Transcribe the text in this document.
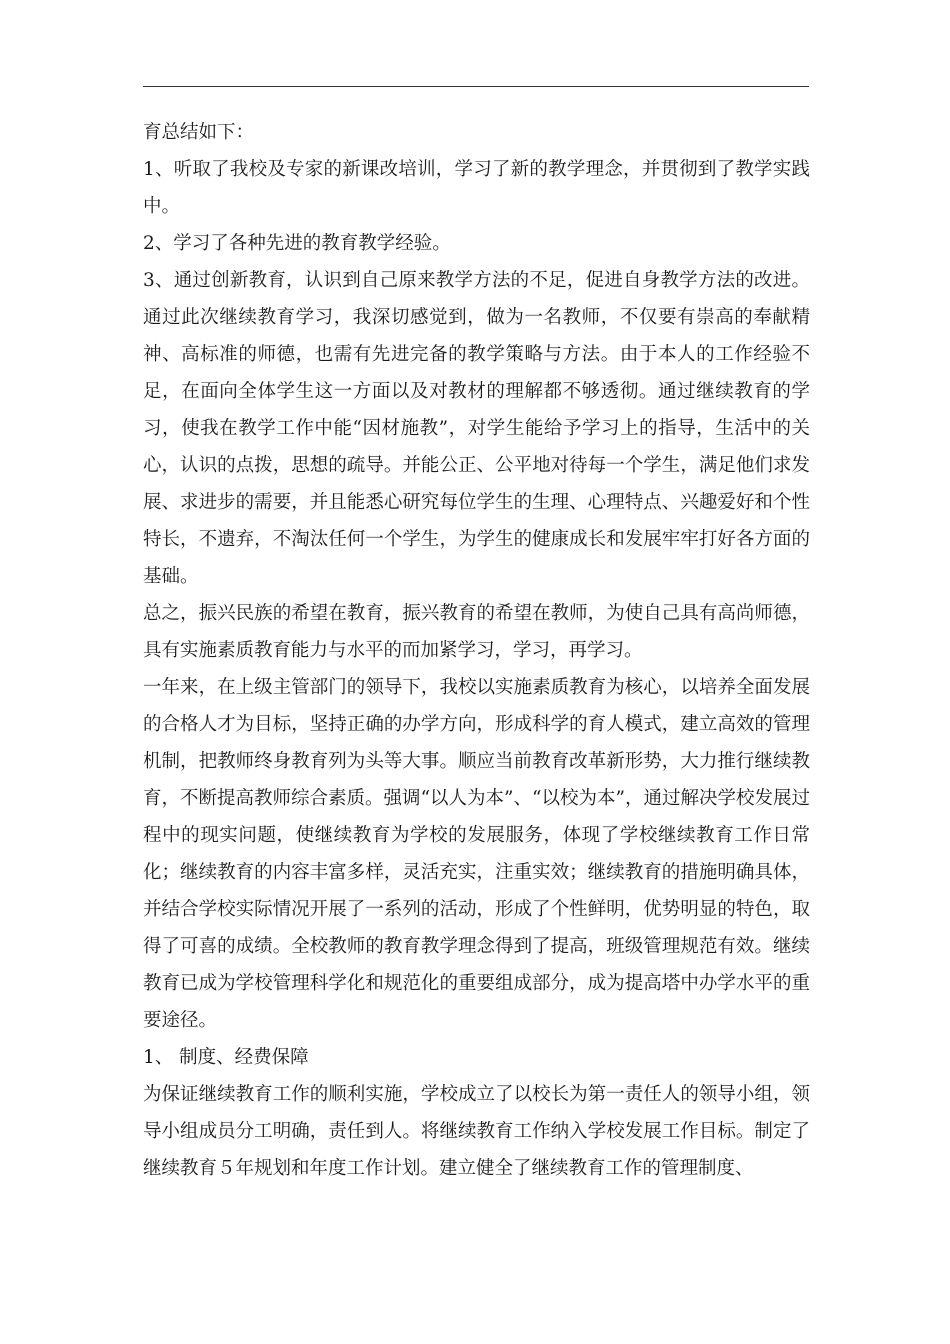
育总结如下：

1、听取了我校及专家的新课改培训，学习了新的教学理念，并贯彻到了教学实践中。

2、学习了各种先进的教育教学经验。

3、通过创新教育，认识到自己原来教学方法的不足，促进自身教学方法的改进。通过此次继续教育学习，我深切感觉到，做为一名教师，不仅要有崇高的奉献精神、高标准的师德，也需有先进完备的教学策略与方法。由于本人的工作经验不足，在面向全体学生这一方面以及对教材的理解都不够透彻。通过继续教育的学习，使我在教学工作中能“因材施教”，对学生能给予学习上的指导，生活中的关心，认识的点拨，思想的疏导。并能公正、公平地对待每一个学生，满足他们求发展、求进步的需要，并且能悉心研究每位学生的生理、心理特点、兴趣爱好和个性特长，不遗弃，不淘汰任何一个学生，为学生的健康成长和发展牢牢打好各方面的基础。

总之，振兴民族的希望在教育，振兴教育的希望在教师，为使自己具有高尚师德，具有实施素质教育能力与水平的而加紧学习，学习，再学习。

一年来，在上级主管部门的领导下，我校以实施素质教育为核心，以培养全面发展的合格人才为目标，坚持正确的办学方向，形成科学的育人模式，建立高效的管理机制，把教师终身教育列为头等大事。顺应当前教育改革新形势，大力推行继续教育，不断提高教师综合素质。强调“以人为本”、“以校为本”，通过解决学校发展过程中的现实问题，使继续教育为学校的发展服务，体现了学校继续教育工作日常化；继续教育的内容丰富多样，灵活充实，注重实效；继续教育的措施明确具体，并结合学校实际情况开展了一系列的活动，形成了个性鲜明，优势明显的特色，取得了可喜的成绩。全校教师的教育教学理念得到了提高，班级管理规范有效。继续教育已成为学校管理科学化和规范化的重要组成部分，成为提高塔中办学水平的重要途径。

1、 制度、经费保障

为保证继续教育工作的顺利实施，学校成立了以校长为第一责任人的领导小组，领导小组成员分工明确，责任到人。将继续教育工作纳入学校发展工作目标。制定了继续教育５年规划和年度工作计划。建立健全了继续教育工作的管理制度、
